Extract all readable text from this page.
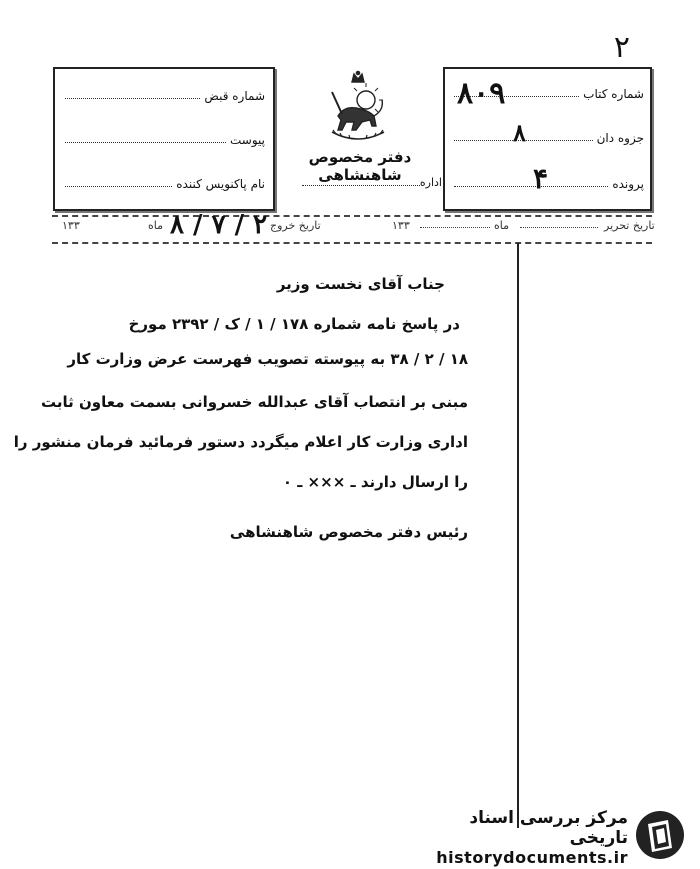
٢
شماره قبض
پیوست
نام پاکنویس کننده
شماره کتاب
٨٠٩
جزوه دان
٨
پرونده
۴
دفتر مخصوص شاهنشاهی	اداره
تاریخ تحریر
ماه
۱۳۳
تاریخ خروج
٢ / ٧ / ٨
ماه
۱۳۳
جناب آقای نخست وزیر
در پاسخ نامه شماره ۱۷۸ / ۱ / ک / ۲۳۹۲ مورخ
۱۸ / ۲ / ۳۸ به پیوسته تصویب فهرست عرض وزارت کار
مبنی بر انتصاب آقای عبدالله خسروانی بسمت معاون ثابت
اداری وزارت کار اعلام میگردد دستور فرمائید فرمان منشور را
را ارسال دارند ـ ××× ـ ۰
رئیس دفتر مخصوص شاهنشاهی
مرکز بررسی اسناد تاریخی
historydocuments.ir
